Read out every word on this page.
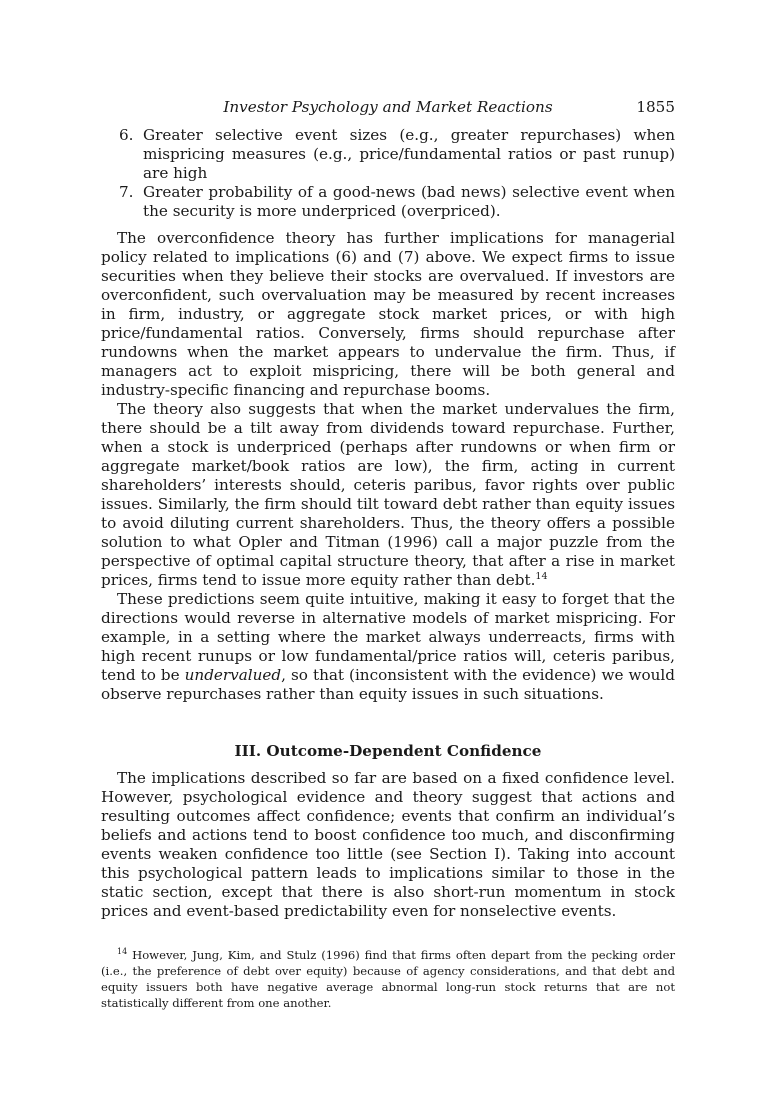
Investor Psychology and Market Reactions	1855
6. Greater selective event sizes (e.g., greater repurchases) when mispricing measures (e.g., price/fundamental ratios or past runup) are high
7. Greater probability of a good-news (bad news) selective event when the security is more underpriced (overpriced).

The overconfidence theory has further implications for managerial policy related to implications (6) and (7) above. We expect firms to issue securities when they believe their stocks are overvalued. If investors are overconfident, such overvaluation may be measured by recent increases in firm, industry, or aggregate stock market prices, or with high price/fundamental ratios. Conversely, firms should repurchase after rundowns when the market appears to undervalue the firm. Thus, if managers act to exploit mispricing, there will be both general and industry-specific financing and repurchase booms.

The theory also suggests that when the market undervalues the firm, there should be a tilt away from dividends toward repurchase. Further, when a stock is underpriced (perhaps after rundowns or when firm or aggregate market/book ratios are low), the firm, acting in current shareholders’ interests should, ceteris paribus, favor rights over public issues. Similarly, the firm should tilt toward debt rather than equity issues to avoid diluting current shareholders. Thus, the theory offers a possible solution to what Opler and Titman (1996) call a major puzzle from the perspective of optimal capital structure theory, that after a rise in market prices, firms tend to issue more equity rather than debt.$^{14}$

These predictions seem quite intuitive, making it easy to forget that the directions would reverse in alternative models of market mispricing. For example, in a setting where the market always underreacts, firms with high recent runups or low fundamental/price ratios will, ceteris paribus, tend to be undervalued, so that (inconsistent with the evidence) we would observe repurchases rather than equity issues in such situations.

III. Outcome-Dependent Confidence

The implications described so far are based on a fixed confidence level. However, psychological evidence and theory suggest that actions and resulting outcomes affect confidence; events that confirm an individual’s beliefs and actions tend to boost confidence too much, and disconfirming events weaken confidence too little (see Section I). Taking into account this psychological pattern leads to implications similar to those in the static section, except that there is also short-run momentum in stock prices and event-based predictability even for nonselective events.

$^{14}$ However, Jung, Kim, and Stulz (1996) find that firms often depart from the pecking order (i.e., the preference of debt over equity) because of agency considerations, and that debt and equity issuers both have negative average abnormal long-run stock returns that are not statistically different from one another.
